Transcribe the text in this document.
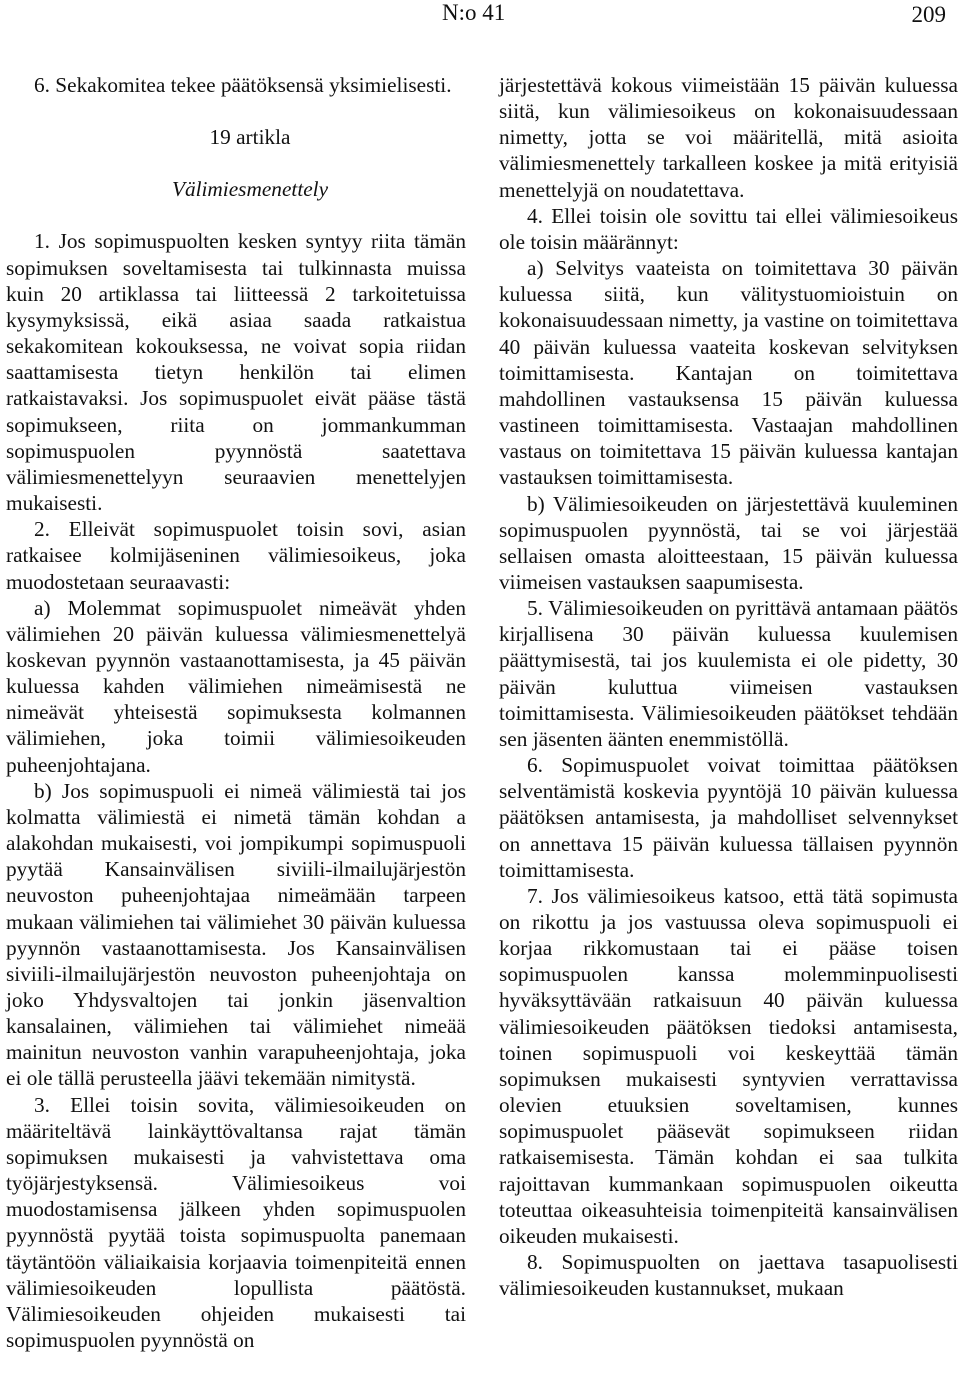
N:o 41	209

6. Sekakomitea tekee päätöksensä yksimielisesti.

19 artikla

Välimiesmenettely

1. Jos sopimuspuolten kesken syntyy riita tämän sopimuksen soveltamisesta tai tulkinnasta muissa kuin 20 artiklassa tai liitteessä 2 tarkoitetuissa kysymyksissä, eikä asiaa saada ratkaistua sekakomitean kokouksessa, ne voivat sopia riidan saattamisesta tietyn henkilön tai elimen ratkaistavaksi. Jos sopimuspuolet eivät pääse tästä sopimukseen, riita on jommankumman sopimuspuolen pyynnöstä saatettava välimiesmenettelyyn seuraavien menettelyjen mukaisesti.

2. Elleivät sopimuspuolet toisin sovi, asian ratkaisee kolmijäseninen välimiesoikeus, joka muodostetaan seuraavasti:

a) Molemmat sopimuspuolet nimeävät yhden välimiehen 20 päivän kuluessa välimiesmenettelyä koskevan pyynnön vastaanottamisesta, ja 45 päivän kuluessa kahden välimiehen nimeämisestä ne nimeävät yhteisestä sopimuksesta kolmannen välimiehen, joka toimii välimiesoikeuden puheenjohtajana.

b) Jos sopimuspuoli ei nimeä välimiestä tai jos kolmatta välimiestä ei nimetä tämän kohdan a alakohdan mukaisesti, voi jompikumpi sopimuspuoli pyytää Kansainvälisen siviili-ilmailujärjestön neuvoston puheenjohtajaa nimeämään tarpeen mukaan välimiehen tai välimiehet 30 päivän kuluessa pyynnön vastaanottamisesta. Jos Kansainvälisen siviili-ilmailujärjestön neuvoston puheenjohtaja on joko Yhdysvaltojen tai jonkin jäsenvaltion kansalainen, välimiehen tai välimiehet nimeää mainitun neuvoston vanhin varapuheenjohtaja, joka ei ole tällä perusteella jäävi tekemään nimitystä.

3. Ellei toisin sovita, välimiesoikeuden on määriteltävä lainkäyttövaltansa rajat tämän sopimuksen mukaisesti ja vahvistettava oma työjärjestyksensä. Välimiesoikeus voi muodostamisensa jälkeen yhden sopimuspuolen pyynnöstä pyytää toista sopimuspuolta panemaan täytäntöön väliaikaisia korjaavia toimenpiteitä ennen välimiesoikeuden lopullista päätöstä. Välimiesoikeuden ohjeiden mukaisesti tai sopimuspuolen pyynnöstä on

järjestettävä kokous viimeistään 15 päivän kuluessa siitä, kun välimiesoikeus on kokonaisuudessaan nimetty, jotta se voi määritellä, mitä asioita välimiesmenettely tarkalleen koskee ja mitä erityisiä menettelyjä on noudatettava.

4. Ellei toisin ole sovittu tai ellei välimiesoikeus ole toisin määrännyt:

a) Selvitys vaateista on toimitettava 30 päivän kuluessa siitä, kun välitystuomioistuin on kokonaisuudessaan nimetty, ja vastine on toimitettava 40 päivän kuluessa vaateita koskevan selvityksen toimittamisesta. Kantajan on toimitettava mahdollinen vastauksensa 15 päivän kuluessa vastineen toimittamisesta. Vastaajan mahdollinen vastaus on toimitettava 15 päivän kuluessa kantajan vastauksen toimittamisesta.

b) Välimiesoikeuden on järjestettävä kuuleminen sopimuspuolen pyynnöstä, tai se voi järjestää sellaisen omasta aloitteestaan, 15 päivän kuluessa viimeisen vastauksen saapumisesta.

5. Välimiesoikeuden on pyrittävä antamaan päätös kirjallisena 30 päivän kuluessa kuulemisen päättymisestä, tai jos kuulemista ei ole pidetty, 30 päivän kuluttua viimeisen vastauksen toimittamisesta. Välimiesoikeuden päätökset tehdään sen jäsenten äänten enemmistöllä.

6. Sopimuspuolet voivat toimittaa päätöksen selventämistä koskevia pyyntöjä 10 päivän kuluessa päätöksen antamisesta, ja mahdolliset selvennykset on annettava 15 päivän kuluessa tällaisen pyynnön toimittamisesta.

7. Jos välimiesoikeus katsoo, että tätä sopimusta on rikottu ja jos vastuussa oleva sopimuspuoli ei korjaa rikkomustaan tai ei pääse toisen sopimuspuolen kanssa molemminpuolisesti hyväksyttävään ratkaisuun 40 päivän kuluessa välimiesoikeuden päätöksen tiedoksi antamisesta, toinen sopimuspuoli voi keskeyttää tämän sopimuksen mukaisesti syntyvien verrattavissa olevien etuuksien soveltamisen, kunnes sopimuspuolet pääsevät sopimukseen riidan ratkaisemisesta. Tämän kohdan ei saa tulkita rajoittavan kummankaan sopimuspuolen oikeutta toteuttaa oikeasuhteisia toimenpiteitä kansainvälisen oikeuden mukaisesti.

8. Sopimuspuolten on jaettava tasapuolisesti välimiesoikeuden kustannukset, mukaan
